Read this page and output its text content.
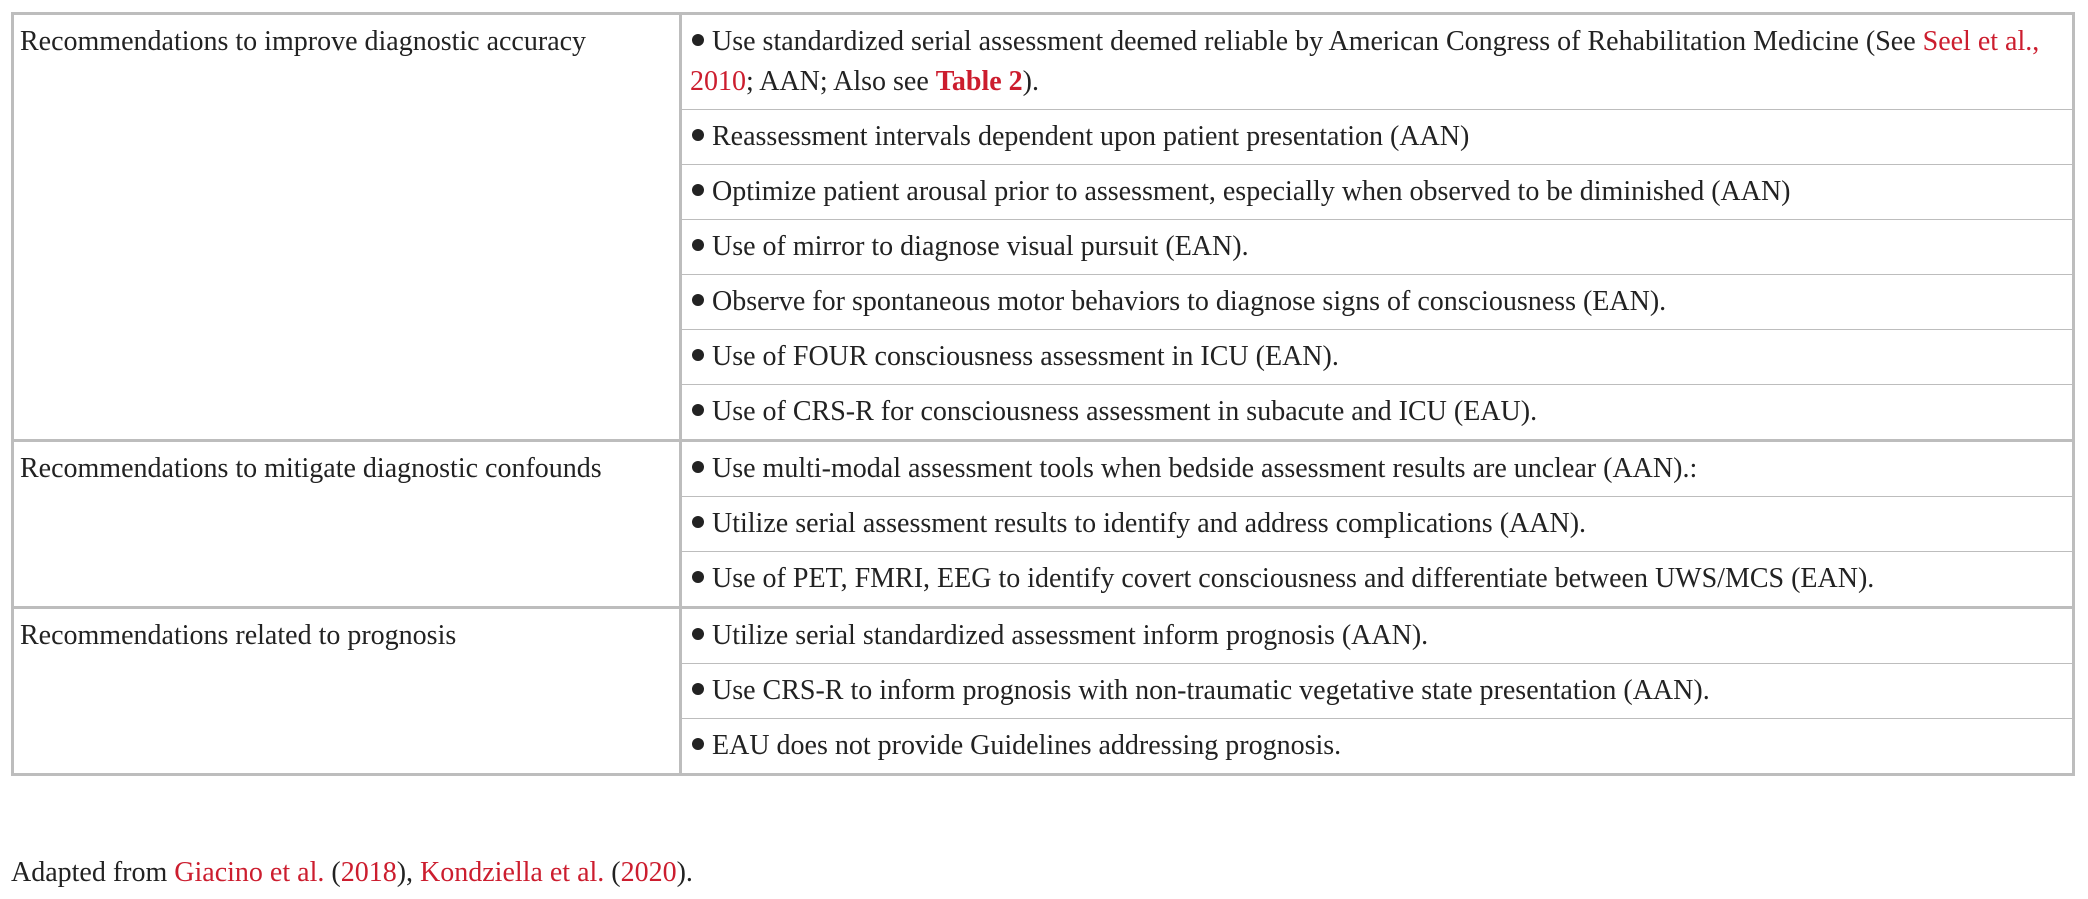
Recommendations to improve diagnostic accuracy	Use standardized serial assessment deemed reliable by American Congress of Rehabilitation Medicine (See Seel et al., 2010; AAN; Also see Table 2).
	Reassessment intervals dependent upon patient presentation (AAN)
	Optimize patient arousal prior to assessment, especially when observed to be diminished (AAN)
	Use of mirror to diagnose visual pursuit (EAN).
	Observe for spontaneous motor behaviors to diagnose signs of consciousness (EAN).
	Use of FOUR consciousness assessment in ICU (EAN).
	Use of CRS-R for consciousness assessment in subacute and ICU (EAU).
Recommendations to mitigate diagnostic confounds	Use multi-modal assessment tools when bedside assessment results are unclear (AAN).:
	Utilize serial assessment results to identify and address complications (AAN).
	Use of PET, FMRI, EEG to identify covert consciousness and differentiate between UWS/MCS (EAN).
Recommendations related to prognosis	Utilize serial standardized assessment inform prognosis (AAN).
	Use CRS-R to inform prognosis with non-traumatic vegetative state presentation (AAN).
	EAU does not provide Guidelines addressing prognosis.
Adapted from Giacino et al. (2018), Kondziella et al. (2020).
